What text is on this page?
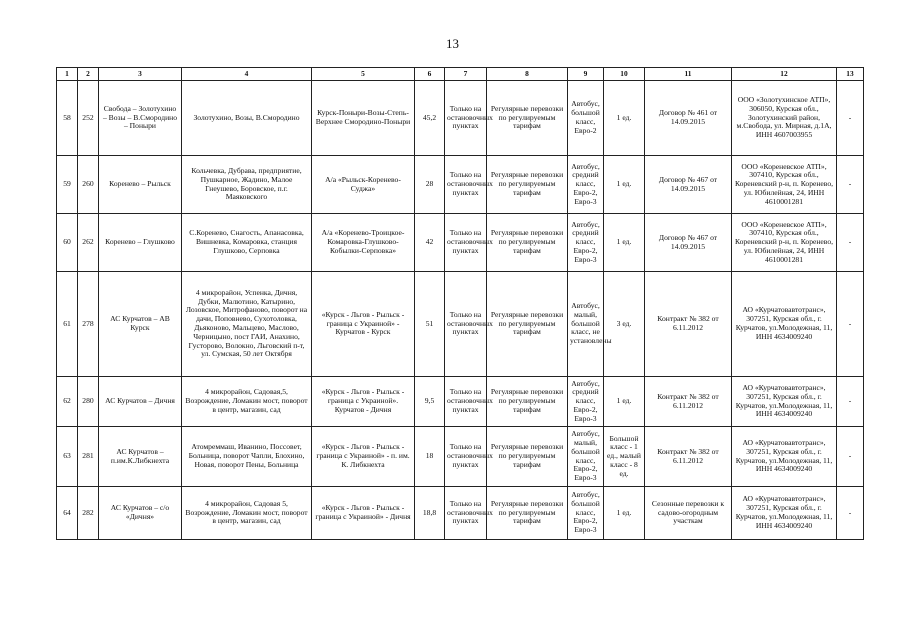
13
1	2	3	4	5	6	7	8	9	10	11	12	13
58	252	Свобода – Золотухино – Возы – В.Смородино – Поныри	Золотухино, Возы, В.Смородино	Курск-Поныри-Возы-Степь-Верхнее Смородино-Поныри	45,2	Только на остановочных пунктах	Регулярные перевозки по регулируемым тарифам	Автобус, большой класс, Евро-2	1 ед.	Договор № 461 от 14.09.2015	ООО «Золотухинское АТП», 306050, Курская обл., Золотухинский район, м.Свобода, ул. Мирная, д.1А, ИНН 4607003955	-
59	260	Коренево – Рыльск	Кольчевка, Дубрава, предприятие, Пушкарное, Жадино, Малое Гнеушево, Боровское, п.г. Маяковского	А/а «Рыльск-Коренево-Суджа»	28	Только на остановочных пунктах	Регулярные перевозки по регулируемым тарифам	Автобус, средний класс, Евро-2, Евро-3	1 ед.	Договор № 467 от 14.09.2015	ООО «Кореневское АТП», 307410, Курская обл., Кореневский р-н, п. Коренево, ул. Юбилейная, 24, ИНН 4610001281	-
60	262	Коренево – Глушково	С.Коренево, Снагость, Апанасовка, Вишневка, Комаровка, станция Глушково, Серповка	А/а «Коренево-Троицкое-Комаровка-Глушково-Кобылки-Серповка»	42	Только на остановочных пунктах	Регулярные перевозки по регулируемым тарифам	Автобус, средний класс, Евро-2, Евро-3	1 ед.	Договор № 467 от 14.09.2015	ООО «Кореневское АТП», 307410, Курская обл., Кореневский р-н, п. Коренево, ул. Юбилейная, 24, ИНН 4610001281	-
61	278	АС Курчатов – АВ Курск	4 микрорайон, Успенка, Дичня, Дубки, Малютино, Катырино, Лозовское, Митрофаново, поворот на дачи, Поповнево, Сухотоловка, Дьяконово, Мальцево, Маслово, Черницыно, пост ГАИ, Анахино, Густорово, Волокно, Льговский п-т, ул. Сумская, 50 лет Октября	«Курск - Льгов - Рыльск - граница с Украиной» - Курчатов - Курск	51	Только на остановочных пунктах	Регулярные перевозки по регулируемым тарифам	Автобус, малый, большой класс, не установлены	3 ед.	Контракт № 382 от 6.11.2012	АО «Курчатовавтотранс», 307251, Курская обл., г. Курчатов, ул.Молодежная, 11, ИНН 4634009240	-
62	280	АС Курчатов – Дичня	4 микрорайон, Садовая,5, Возрождение, Ломакин мост, поворот в центр, магазин, сад	«Курск - Льгов - Рыльск - граница с Украиной». Курчатов - Дичня	9,5	Только на остановочных пунктах	Регулярные перевозки по регулируемым тарифам	Автобус, средний класс, Евро-2, Евро-3	1 ед.	Контракт № 382 от 6.11.2012	АО «Курчатовавтотранс», 307251, Курская обл., г. Курчатов, ул.Молодежная, 11, ИНН 4634009240	-
63	281	АС Курчатов – п.им.К.Либкнехта	Атомреммаш, Иванино, Поссовет, Больница, поворот Чапли, Блохино, Новая, поворот Пены, Больница	«Курск - Льгов - Рыльск - граница с Украиной» - п. им. К. Либкнехта	18	Только на остановочных пунктах	Регулярные перевозки по регулируемым тарифам	Автобус, малый, большой класс, Евро-2, Евро-3	Большой класс - 1 ед., малый класс - 8 ед.	Контракт № 382 от 6.11.2012	АО «Курчатовавтотранс», 307251, Курская обл., г. Курчатов, ул.Молодежная, 11, ИНН 4634009240	-
64	282	АС Курчатов – с/о «Дичня»	4 микрорайон, Садовая 5, Возрождение, Ломакин мост, поворот в центр, магазин, сад	«Курск - Льгов - Рыльск - граница с Украиной» - Дичня	18,8	Только на остановочных пунктах	Регулярные перевозки по регулируемым тарифам	Автобус, большой класс, Евро-2, Евро-3	1 ед.	Сезонные перевозки к садово-огородным участкам	АО «Курчатовавтотранс», 307251, Курская обл., г. Курчатов, ул.Молодежная, 11, ИНН 4634009240	-
